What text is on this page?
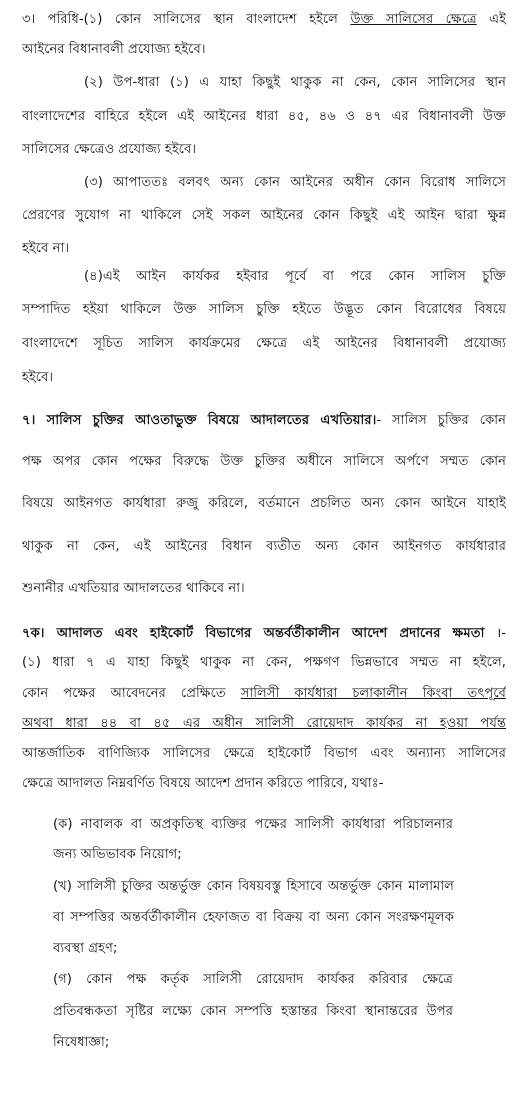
৩। পরিধি-(১) কোন সালিসের স্থান বাংলাদেশ হইলে উক্ত সালিসের ক্ষেত্রে এই
আইনের বিধানাবলী প্রযোজ্য হইবে।
(২) উপ-ধারা (১) এ যাহা কিছুই থাকুক না কেন, কোন সালিসের স্থান
বাংলাদেশের বাহিরে হইলে এই আইনের ধারা ৪৫, ৪৬ ও ৪৭ এর বিধানাবলী উক্ত
সালিসের ক্ষেত্রেও প্রযোজ্য হইবে।
(৩) আপাততঃ বলবৎ অন্য কোন আইনের অধীন কোন বিরোধ সালিসে
প্রেরণের সুযোগ না থাকিলে সেই সকল আইনের কোন কিছুই এই আইন দ্বারা ক্ষুন্ন
হইবে না।
(৪)এই আইন কার্যকর হইবার পূর্বে বা পরে কোন সালিস চুক্তি
সম্পাদিত হইয়া থাকিলে উক্ত সালিস চুক্তি হইতে উদ্ভূত কোন বিরোধের বিষয়ে
বাংলাদেশে সূচিত সালিস কার্যক্রমের ক্ষেত্রে এই আইনের বিধানাবলী প্রযোজ্য
হইবে।
৭। সালিস চুক্তির আওতাভুক্ত বিষয়ে আদালতের এখতিয়ার।- সালিস চুক্তির কোন
পক্ষ অপর কোন পক্ষের বিরুদ্ধে উক্ত চুক্তির অধীনে সালিসে অর্পণে সম্মত কোন
বিষয়ে আইনগত কার্যধারা রুজু করিলে, বর্তমানে প্রচলিত অন্য কোন আইনে যাহাই
থাকুক না কেন, এই আইনের বিধান ব্যতীত অন্য কোন আইনগত কার্যধারার
শুনানীর এখতিয়ার আদালতের থাকিবে না।
৭ক। আদালত এবং হাইকোর্ট বিভাগের অন্তর্বর্তীকালীন আদেশ প্রদানের ক্ষমতা ।-
(১) ধারা ৭ এ যাহা কিছুই থাকুক না কেন, পক্ষগণ ভিন্নভাবে সম্মত না হইলে,
কোন পক্ষের আবেদনের প্রেক্ষিতে সালিসী কার্যধারা চলাকালীন কিংবা তৎপূর্বে
অথবা ধারা ৪৪ বা ৪৫ এর অধীন সালিসী রোয়েদাদ কার্যকর না হওয়া পর্যন্ত
আন্তর্জাতিক বাণিজ্যিক সালিসের ক্ষেত্রে হাইকোর্ট বিভাগ এবং অন্যান্য সালিসের
ক্ষেত্রে আদালত নিম্নবর্ণিত বিষয়ে আদেশ প্রদান করিতে পারিবে, যথাঃ-
(ক) নাবালক বা অপ্রকৃতিস্থ ব্যক্তির পক্ষের সালিসী কার্যধারা পরিচালনার
জন্য অভিভাবক নিয়োগ;
(খ) সালিসী চুক্তির অন্তর্ভুক্ত কোন বিষয়বস্তু হিসাবে অন্তর্ভুক্ত কোন মালামাল
বা সম্পত্তির অন্তর্বর্তীকালীন হেফাজত বা বিক্রয় বা অন্য কোন সংরক্ষণমূলক
ব্যবস্থা গ্রহণ;
(গ) কোন পক্ষ কর্তৃক সালিসী রোয়েদাদ কার্যকর করিবার ক্ষেত্রে
প্রতিবন্ধকতা সৃষ্টির লক্ষ্যে কোন সম্পত্তি হস্তান্তর কিংবা স্থানান্তরের উপর
নিষেধাজ্ঞা;
